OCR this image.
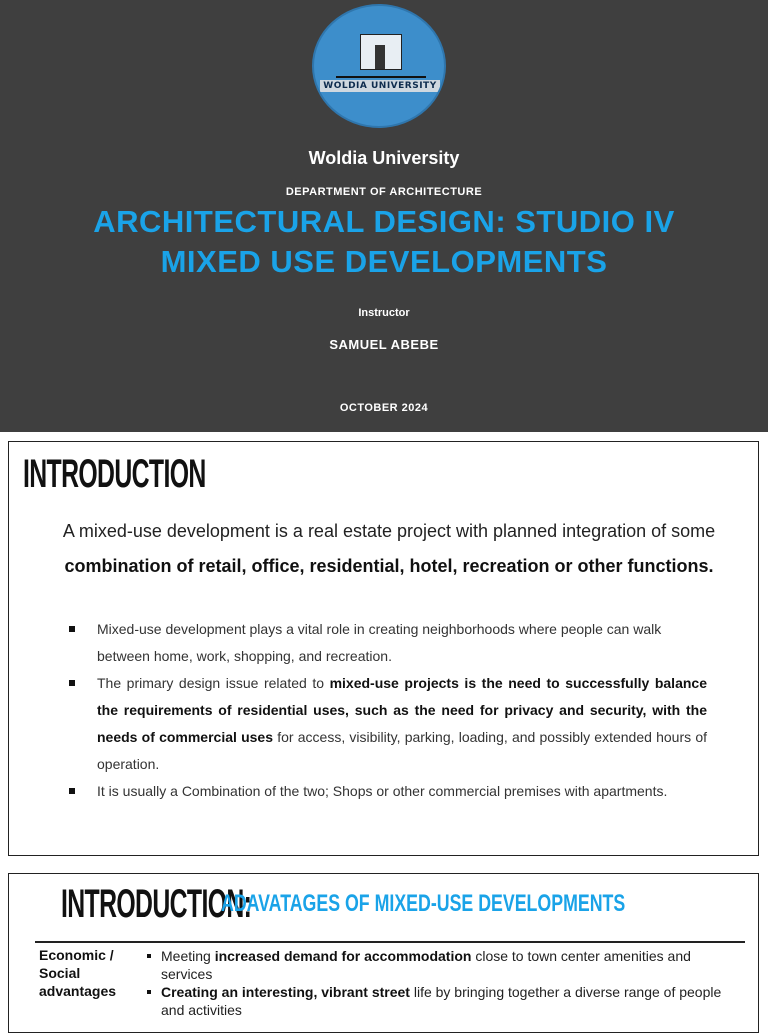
WOLDIA UNIVERSITY
Woldia University
DEPARTMENT OF ARCHITECTURE
ARCHITECTURAL DESIGN: STUDIO IV
MIXED USE DEVELOPMENTS
Instructor
SAMUEL ABEBE
OCTOBER 2024
INTRODUCTION
A mixed-use development is a real estate project with planned integration of some combination of retail, office, residential, hotel, recreation or other functions.
Mixed-use development plays a vital role in creating neighborhoods where people can walk between home, work, shopping, and recreation.
The primary design issue related to mixed-use projects is the need to successfully balance the requirements of residential uses, such as the need for privacy and security, with the needs of commercial uses for access, visibility, parking, loading, and possibly extended hours of operation.
It is usually a Combination of the two; Shops or other commercial premises with apartments.
INTRODUCTION:
ADAVATAGES OF MIXED-USE DEVELOPMENTS
Economic / Social advantages
Meeting increased demand for accommodation close to town center amenities and services
Creating an interesting, vibrant street life by bringing together a diverse range of people and activities
